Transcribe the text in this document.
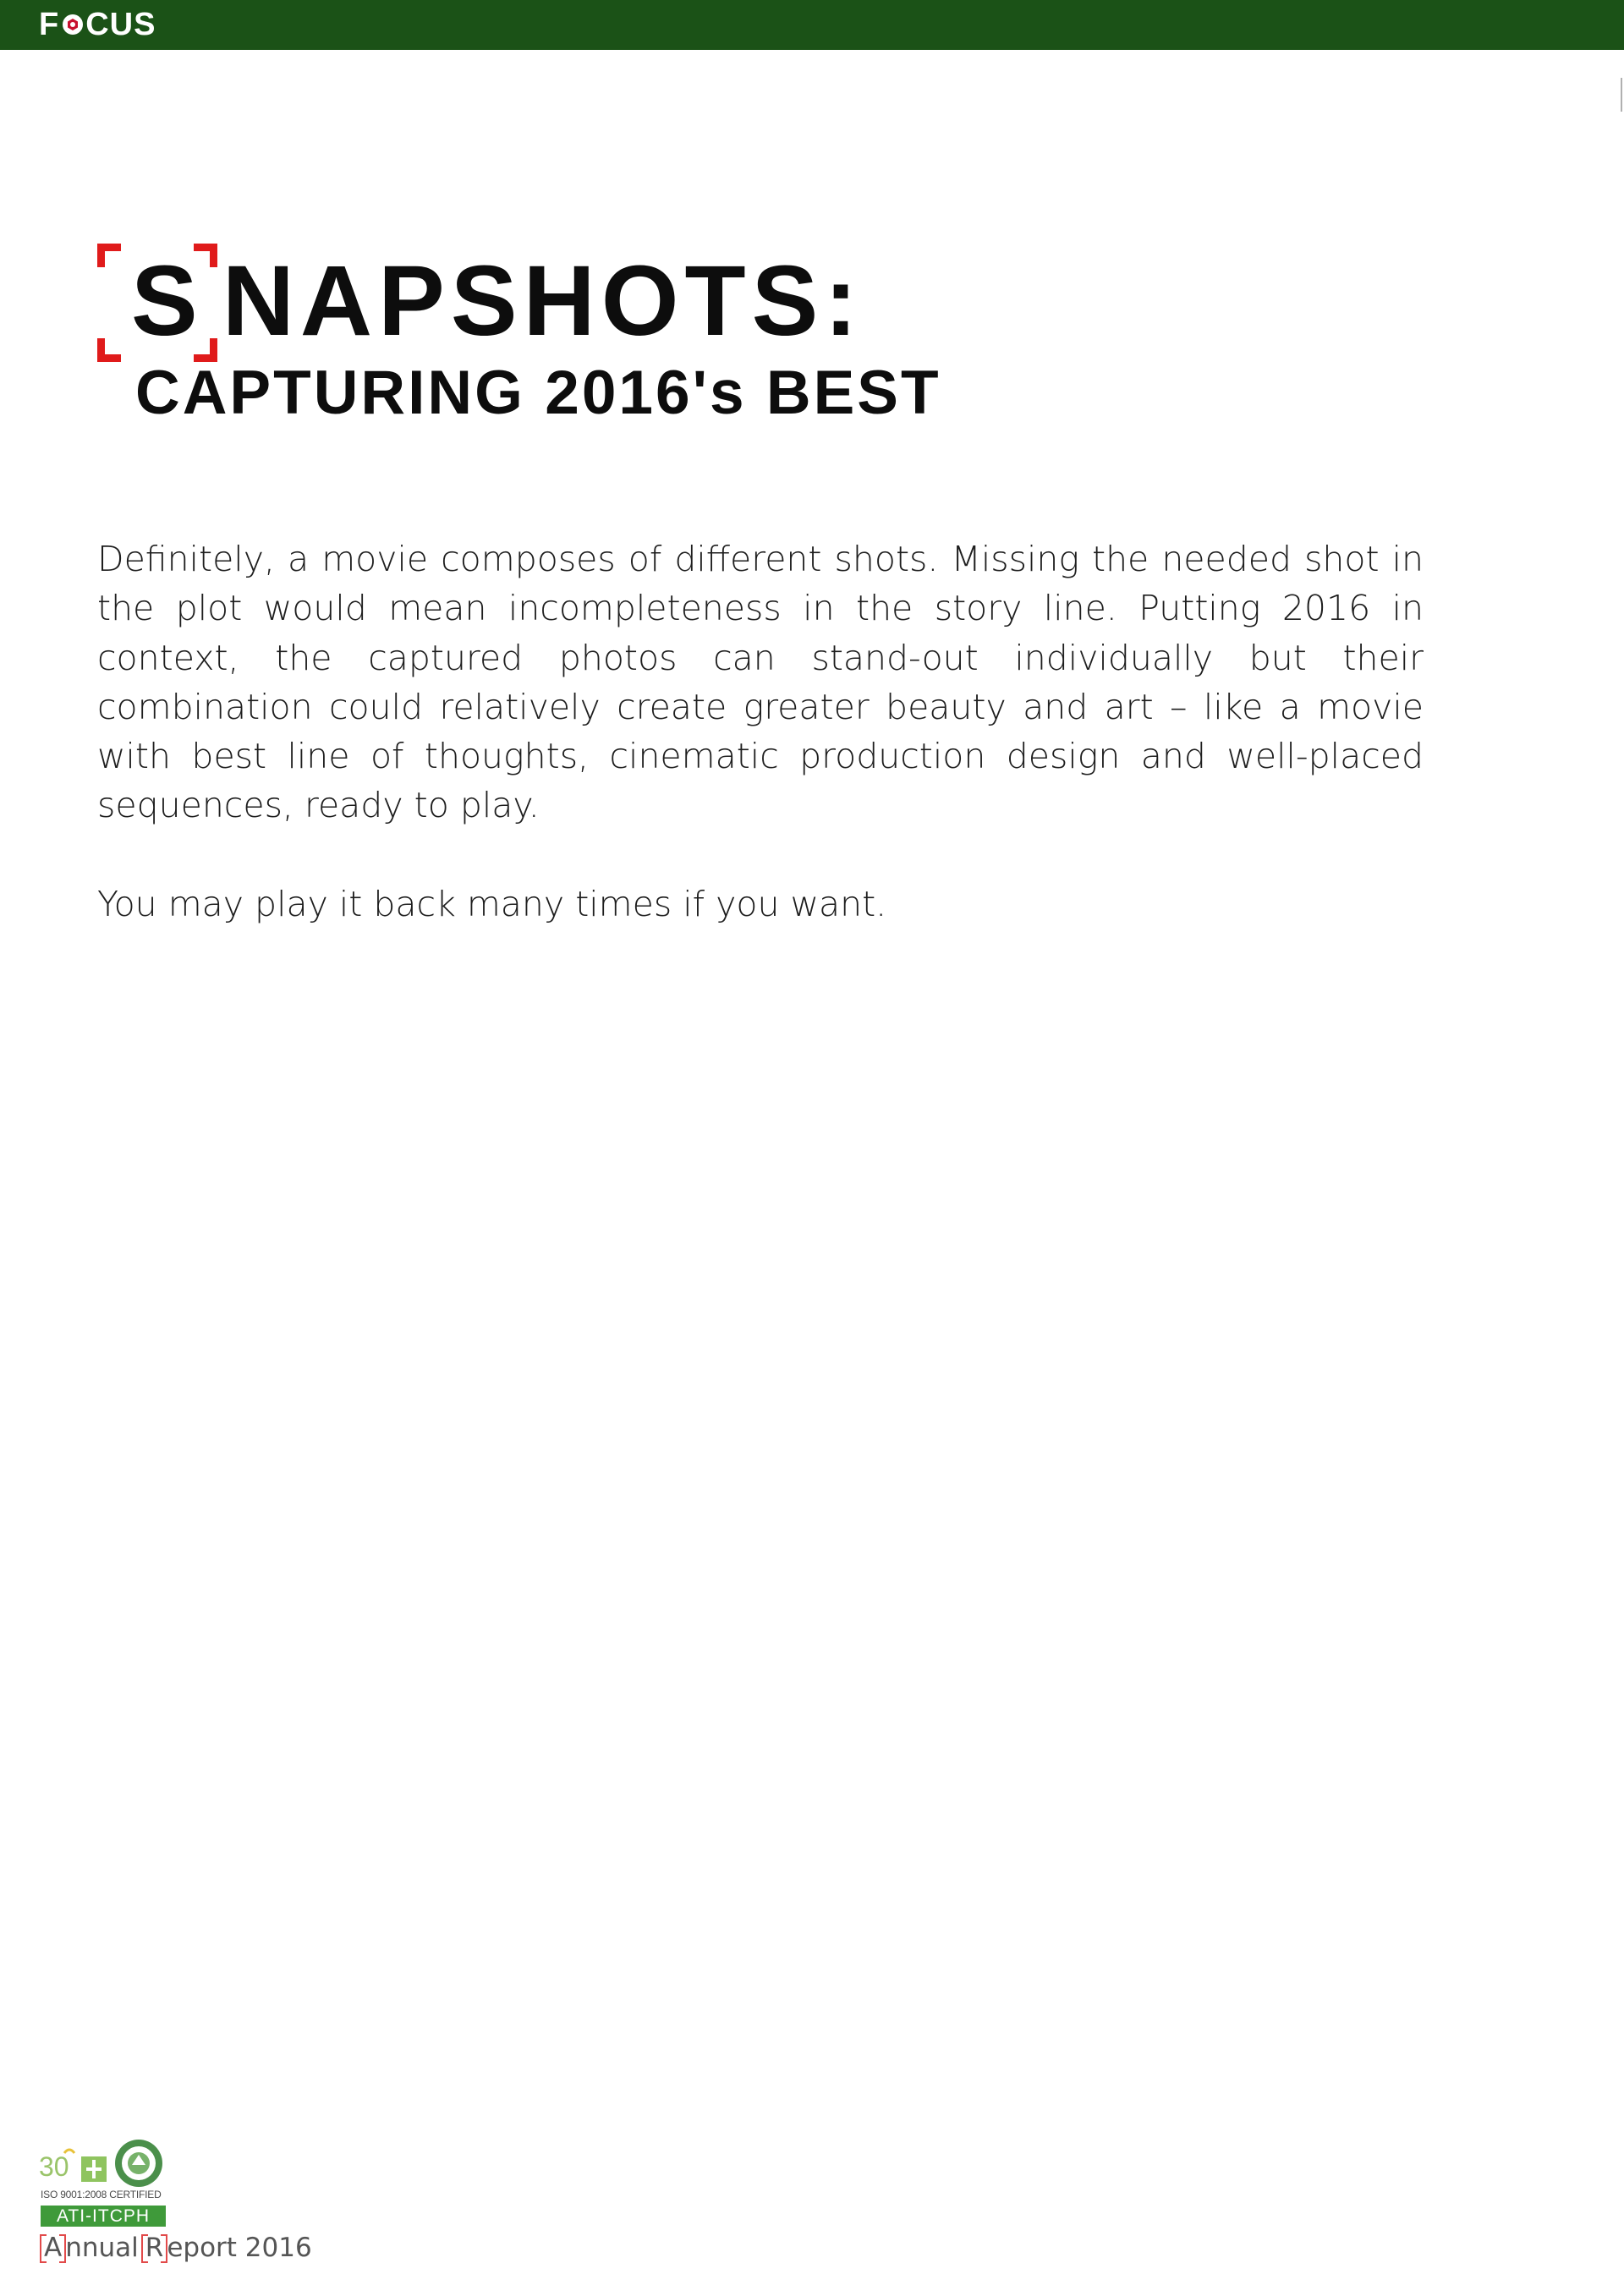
F CUS
S NAPSHOTS:
CAPTURING 2016's BEST

Definitely, a movie composes of different shots. Missing the needed shot in the plot would mean incompleteness in the story line. Putting 2016 in context, the captured photos can stand-out individually but their combination could relatively create greater beauty and art – like a movie with best line of thoughts, cinematic production design and well-placed sequences, ready to play.

You may play it back many times if you want.

30
ISO 9001:2008 CERTIFIED
ATI-ITCPH
A nnual R eport 2016
